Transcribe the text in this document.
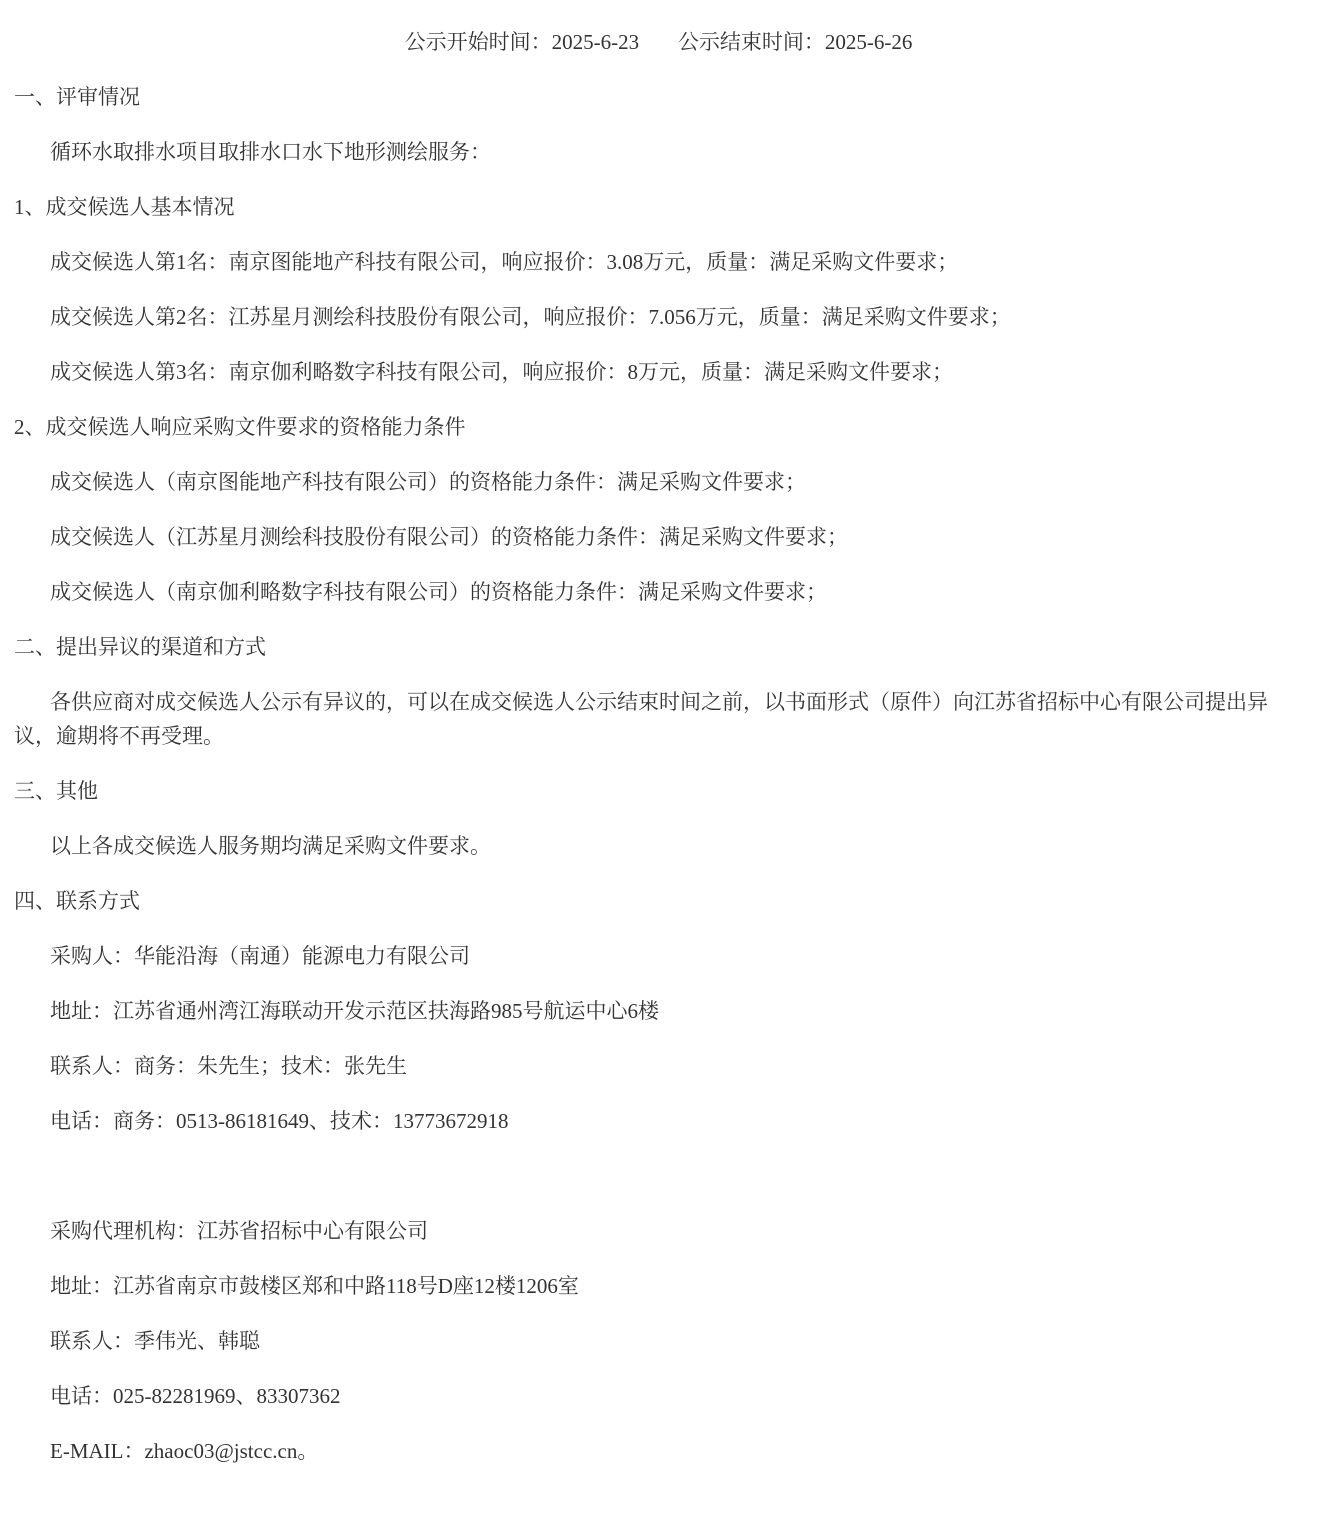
公示开始时间：2025-6-23 公示结束时间：2025-6-26

一、评审情况

循环水取排水项目取排水口水下地形测绘服务：

1、成交候选人基本情况

成交候选人第1名：南京图能地产科技有限公司，响应报价：3.08万元，质量：满足采购文件要求；

成交候选人第2名：江苏星月测绘科技股份有限公司，响应报价：7.056万元，质量：满足采购文件要求；

成交候选人第3名：南京伽利略数字科技有限公司，响应报价：8万元，质量：满足采购文件要求；

2、成交候选人响应采购文件要求的资格能力条件

成交候选人（南京图能地产科技有限公司）的资格能力条件：满足采购文件要求；

成交候选人（江苏星月测绘科技股份有限公司）的资格能力条件：满足采购文件要求；

成交候选人（南京伽利略数字科技有限公司）的资格能力条件：满足采购文件要求；

二、提出异议的渠道和方式

各供应商对成交候选人公示有异议的，可以在成交候选人公示结束时间之前，以书面形式（原件）向江苏省招标中心有限公司提出异议，逾期将不再受理。

三、其他

以上各成交候选人服务期均满足采购文件要求。

四、联系方式

采购人：华能沿海（南通）能源电力有限公司

地址：江苏省通州湾江海联动开发示范区扶海路985号航运中心6楼

联系人：商务：朱先生；技术：张先生

电话：商务：0513-86181649、技术：13773672918

采购代理机构：江苏省招标中心有限公司

地址：江苏省南京市鼓楼区郑和中路118号D座12楼1206室

联系人：季伟光、韩聪

电话：025-82281969、83307362

E-MAIL：zhaoc03@jstcc.cn。
